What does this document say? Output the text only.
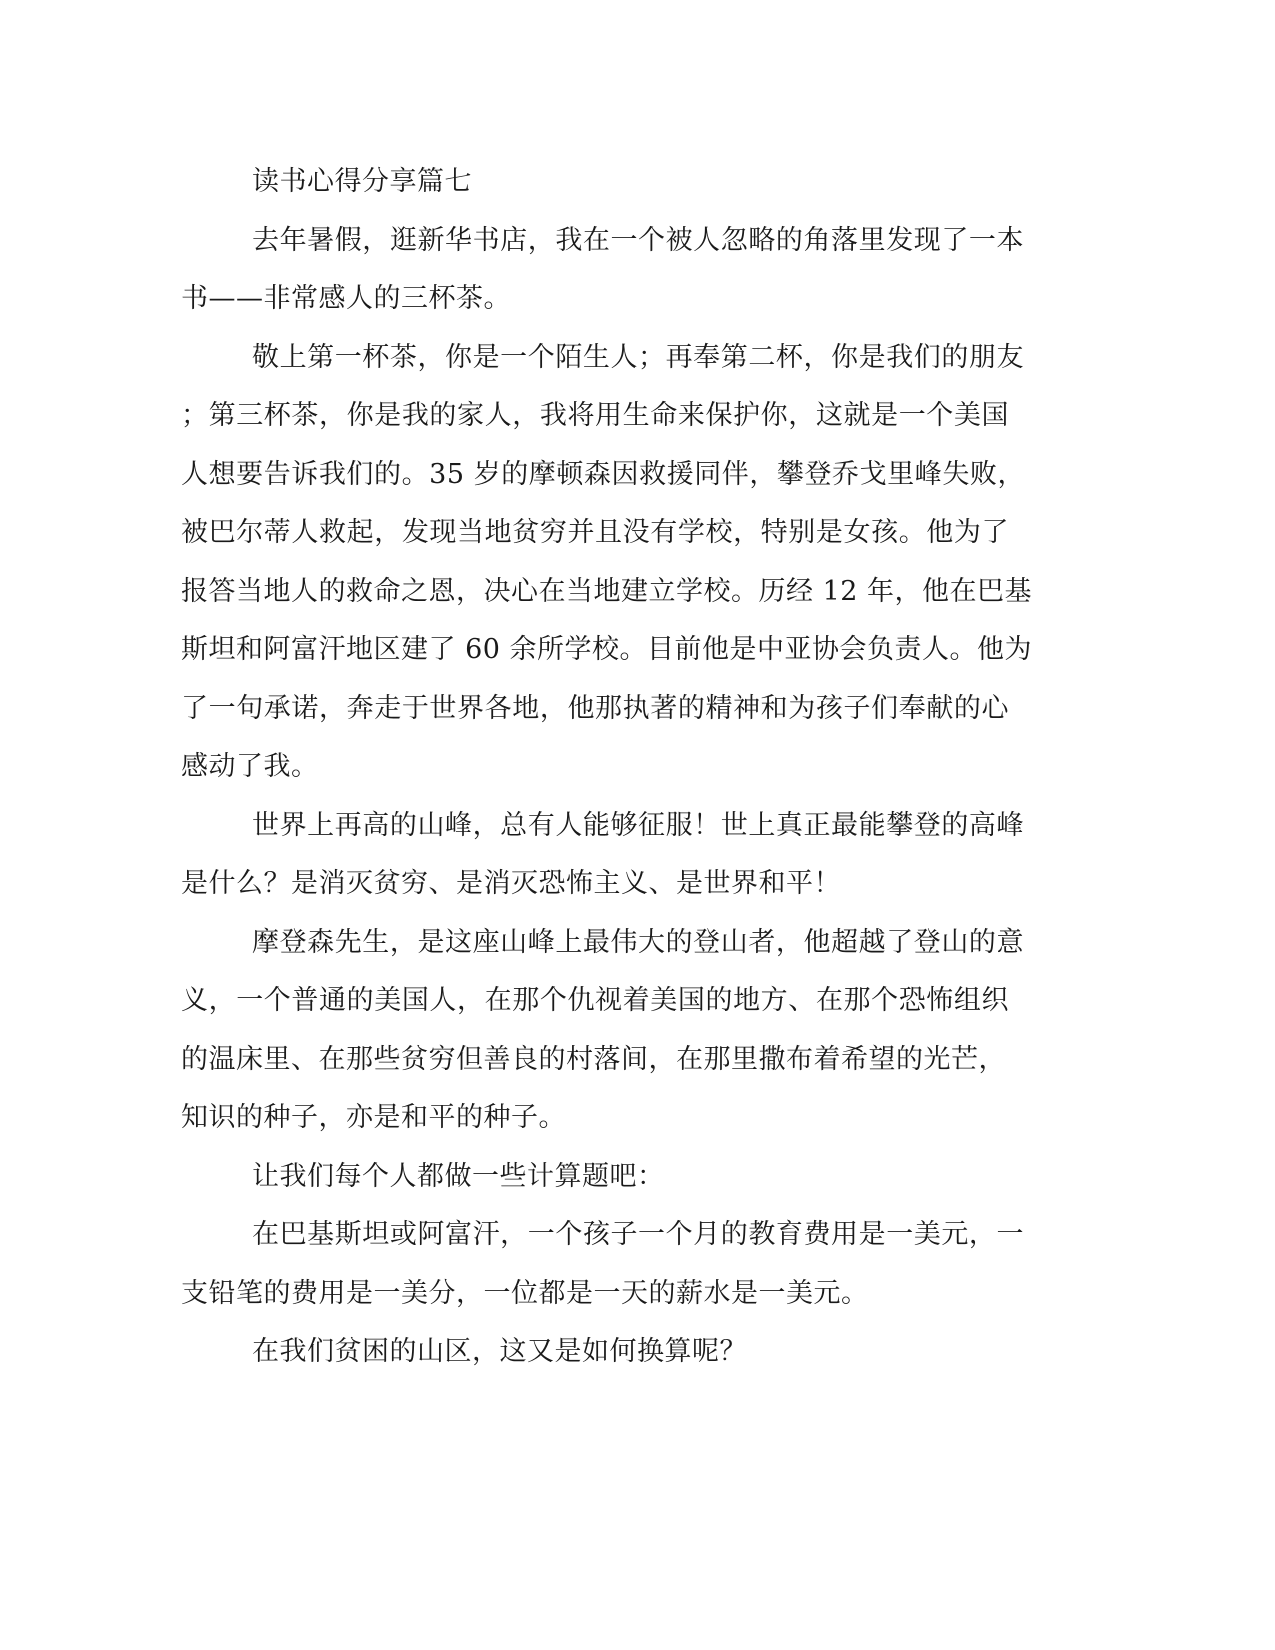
读书心得分享篇七
去年暑假，逛新华书店，我在一个被人忽略的角落里发现了一本
书——非常感人的三杯茶。
敬上第一杯茶，你是一个陌生人；再奉第二杯，你是我们的朋友
；第三杯茶，你是我的家人，我将用生命来保护你，这就是一个美国
人想要告诉我们的。35 岁的摩顿森因救援同伴，攀登乔戈里峰失败，
被巴尔蒂人救起，发现当地贫穷并且没有学校，特别是女孩。他为了
报答当地人的救命之恩，决心在当地建立学校。历经 12 年，他在巴基
斯坦和阿富汗地区建了 60 余所学校。目前他是中亚协会负责人。他为
了一句承诺，奔走于世界各地，他那执著的精神和为孩子们奉献的心
感动了我。
世界上再高的山峰，总有人能够征服！世上真正最能攀登的高峰
是什么？是消灭贫穷、是消灭恐怖主义、是世界和平！
摩登森先生，是这座山峰上最伟大的登山者，他超越了登山的意
义，一个普通的美国人，在那个仇视着美国的地方、在那个恐怖组织
的温床里、在那些贫穷但善良的村落间，在那里撒布着希望的光芒，
知识的种子，亦是和平的种子。
让我们每个人都做一些计算题吧：
在巴基斯坦或阿富汗，一个孩子一个月的教育费用是一美元，一
支铅笔的费用是一美分，一位都是一天的薪水是一美元。
在我们贫困的山区，这又是如何换算呢？
